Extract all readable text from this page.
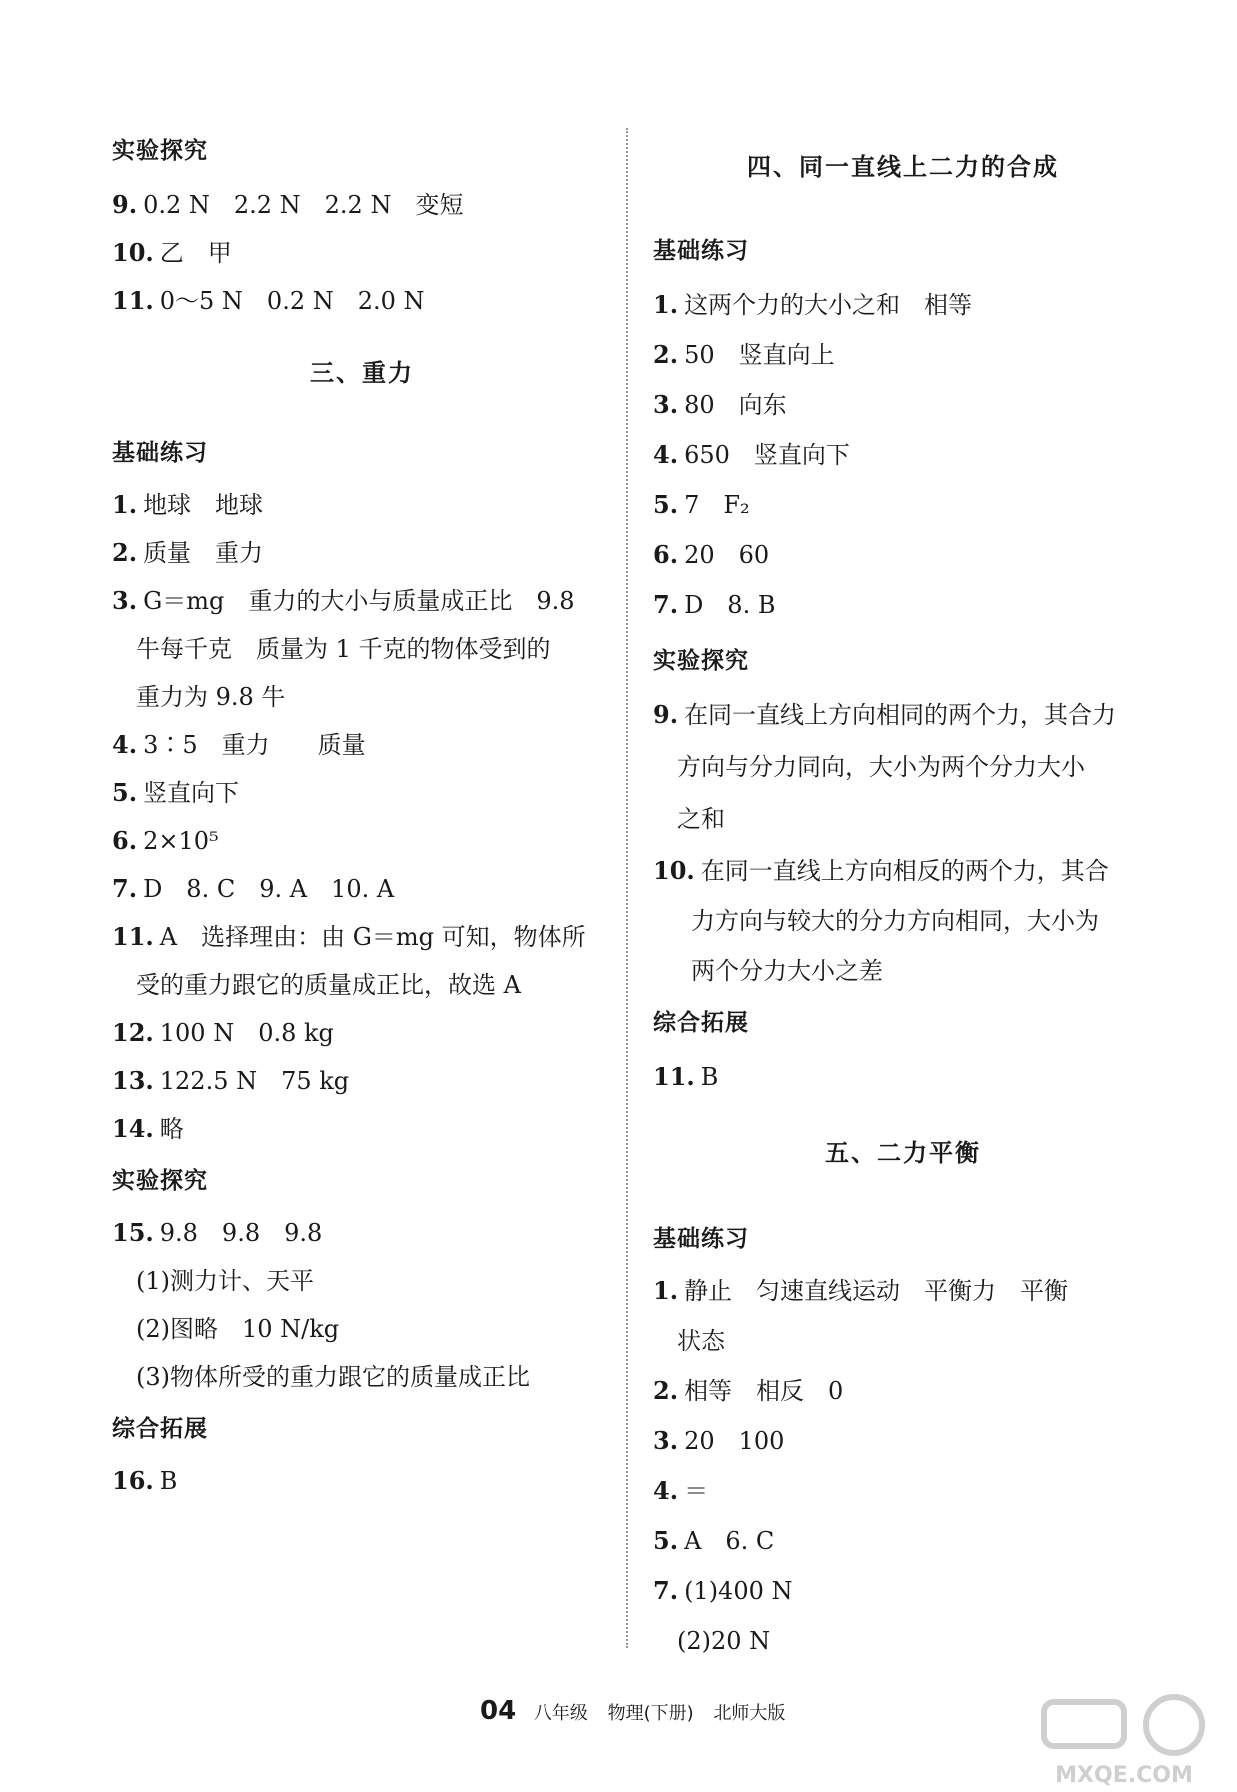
实验探究
9. 0.2 N　2.2 N　2.2 N　变短
10. 乙　甲
11. 0～5 N　0.2 N　2.0 N
三、重力
基础练习
1. 地球　地球
2. 质量　重力
3. G＝mg　重力的大小与质量成正比　9.8
牛每千克　质量为 1 千克的物体受到的
重力为 9.8 牛
4. 3∶5　重力　　质量
5. 竖直向下
6. 2×10⁵
7. D　8. C　9. A　10. A
11. A　选择理由：由 G＝mg 可知，物体所
受的重力跟它的质量成正比，故选 A
12. 100 N　0.8 kg
13. 122.5 N　75 kg
14. 略
实验探究
15. 9.8　9.8　9.8
(1)测力计、天平
(2)图略　10 N/kg
(3)物体所受的重力跟它的质量成正比
综合拓展
16. B
四、同一直线上二力的合成
基础练习
1. 这两个力的大小之和　相等
2. 50　竖直向上
3. 80　向东
4. 650　竖直向下
5. 7　F₂
6. 20　60
7. D　8. B
实验探究
9. 在同一直线上方向相同的两个力，其合力
方向与分力同向，大小为两个分力大小
之和
10. 在同一直线上方向相反的两个力，其合
力方向与较大的分力方向相同，大小为
两个分力大小之差
综合拓展
11. B
五、二力平衡
基础练习
1. 静止　匀速直线运动　平衡力　平衡
状态
2. 相等　相反　0
3. 20　100
4. ＝
5. A　6. C
7. (1)400 N
(2)20 N
04 八年级 物理(下册) 北师大版
MXQE.COM
